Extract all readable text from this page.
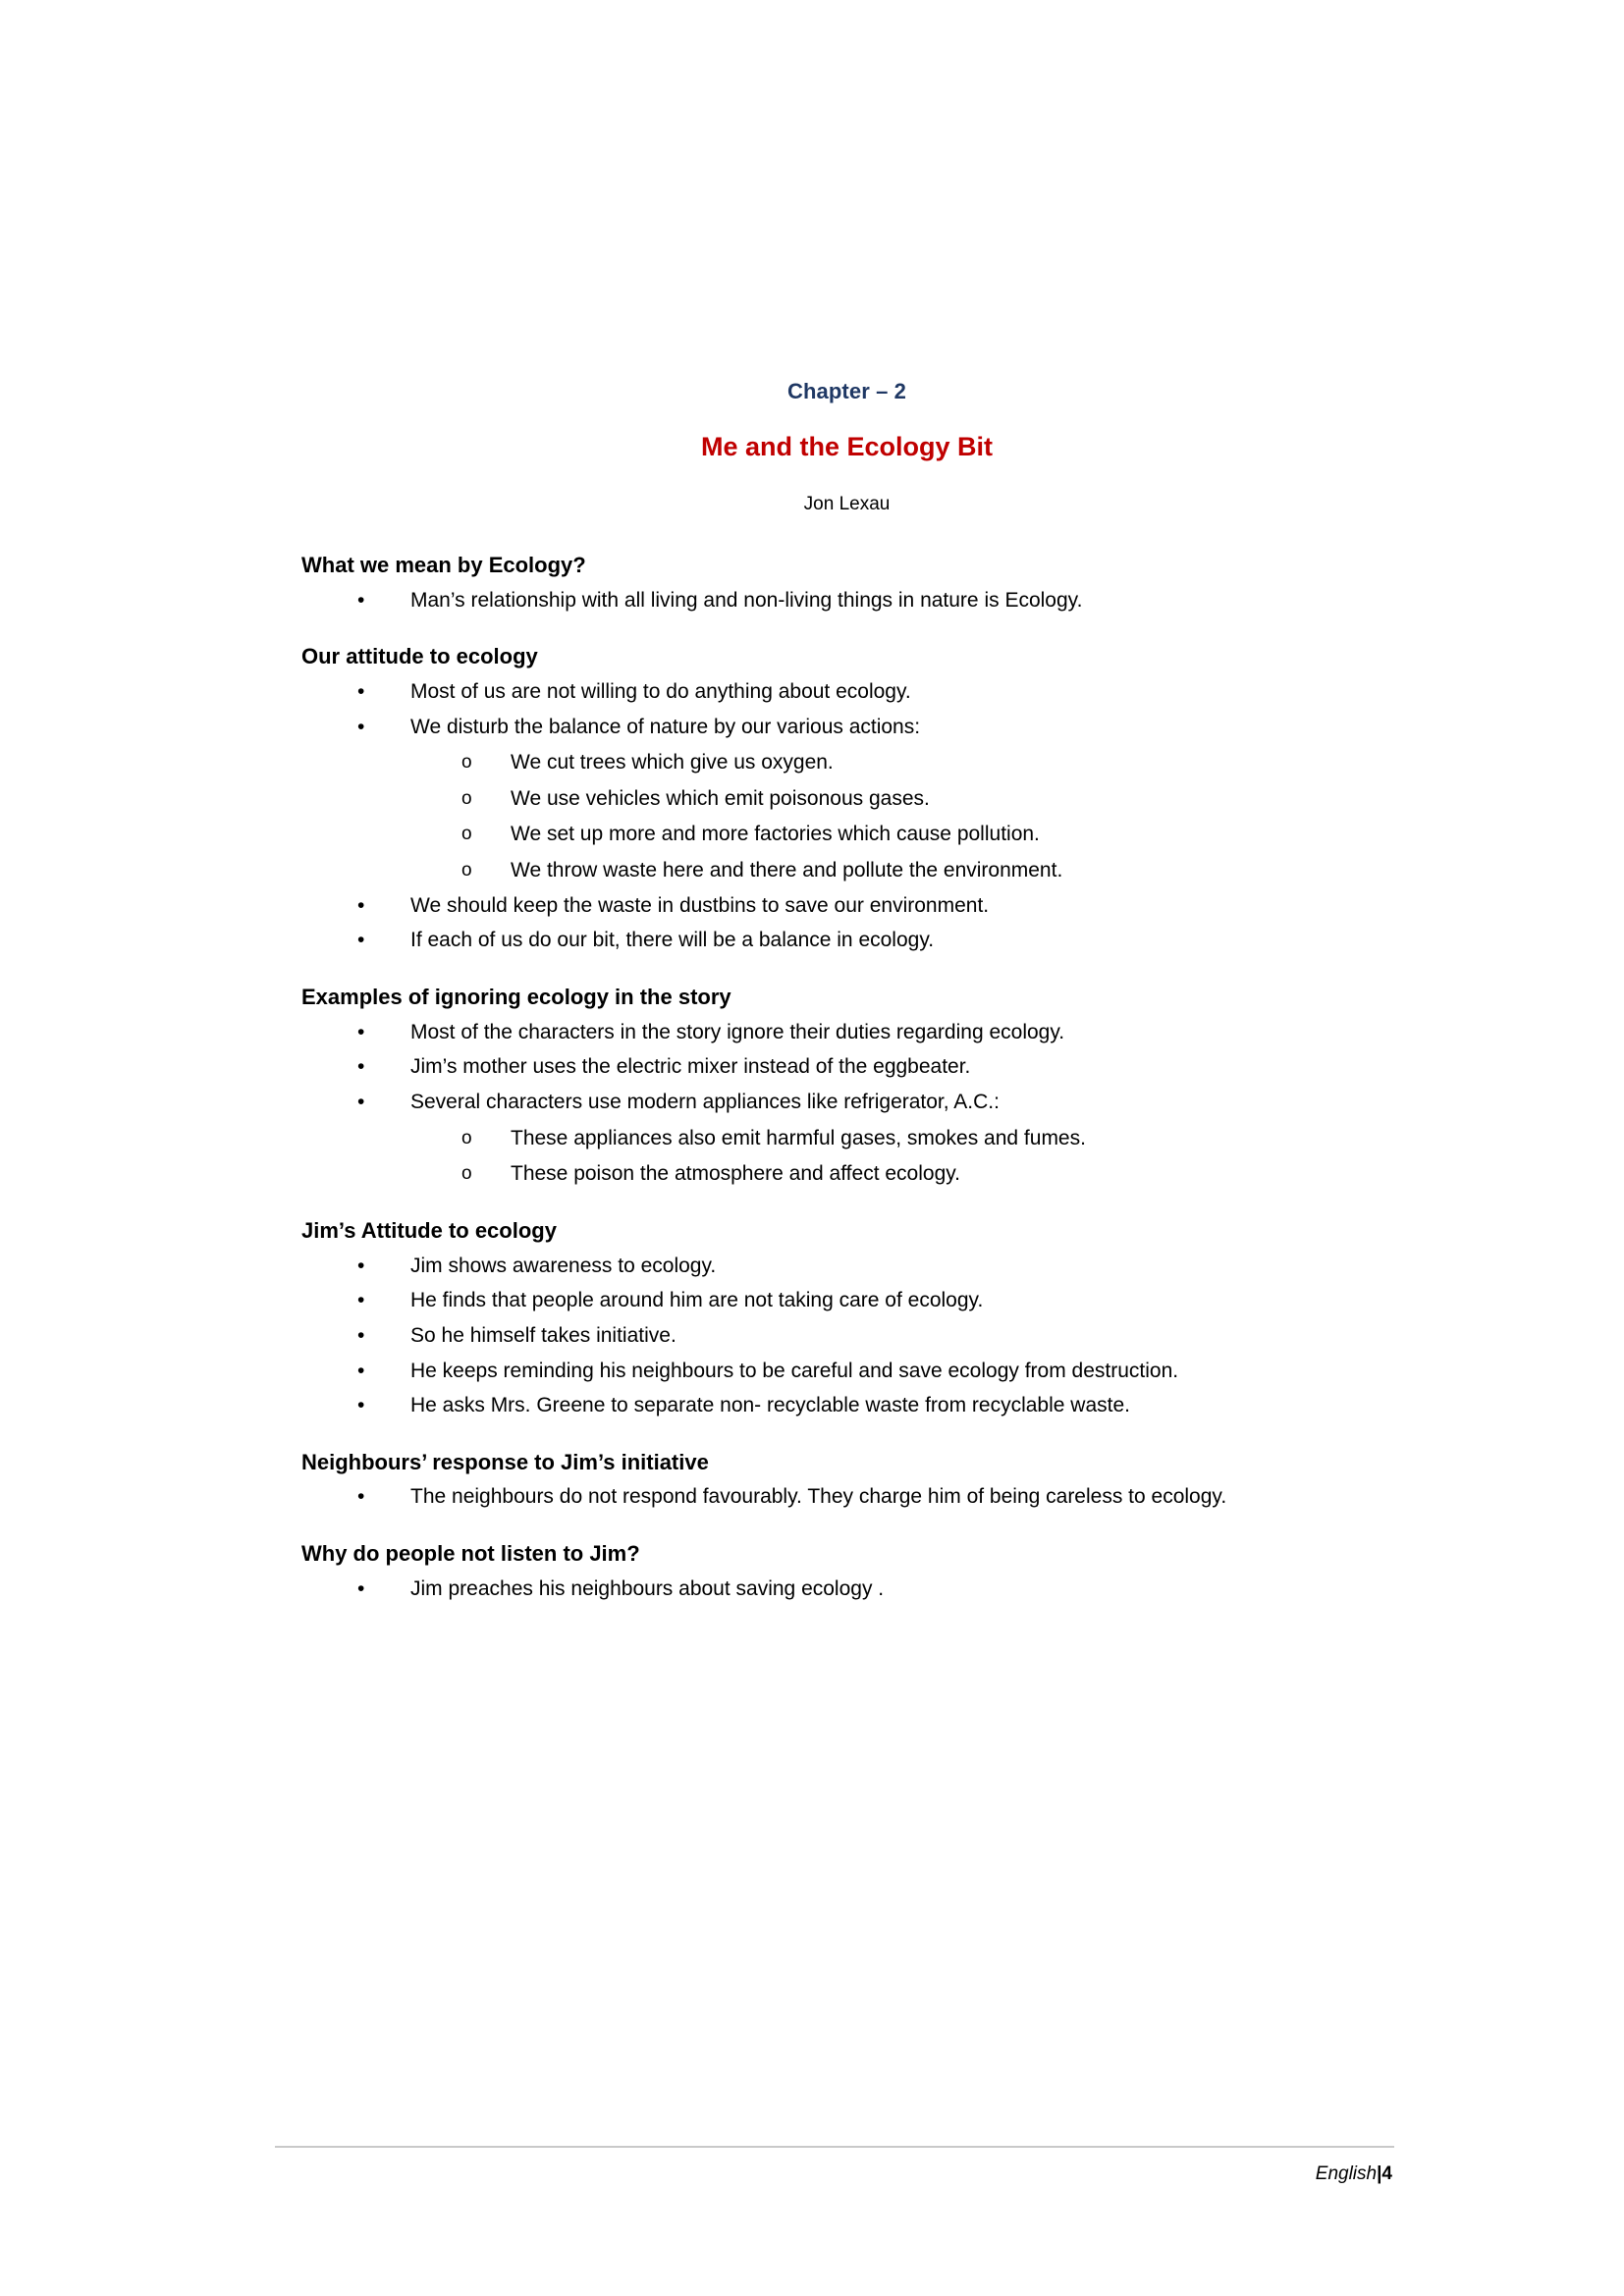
Chapter – 2
Me and the Ecology Bit
Jon Lexau
What we mean by Ecology?
•	Man’s relationship with all living and non-living things in nature is Ecology.
Our attitude to ecology
•	Most of us are not willing to do anything about ecology.
•	We disturb the balance of nature by our various actions:
o	We cut trees which give us oxygen.
o	We use vehicles which emit poisonous gases.
o	We set up more and more factories which cause pollution.
o	We throw waste here and there and pollute the environment.
•	We should keep the waste in dustbins to save our environment.
•	If each of us do our bit, there will be a balance in ecology.
Examples of ignoring ecology in the story
•	Most of the characters in the story ignore their duties regarding ecology.
•	Jim’s mother uses the electric mixer instead of the eggbeater.
•	Several characters use modern appliances like refrigerator, A.C.:
o	These appliances also emit harmful gases, smokes and fumes.
o	These poison the atmosphere and affect ecology.
Jim’s Attitude to ecology
•	Jim shows awareness to ecology.
•	He finds that people around him are not taking care of ecology.
•	So he himself takes initiative.
•	He keeps reminding his neighbours to be careful and save ecology from destruction.
•	He asks Mrs. Greene to separate non- recyclable waste from recyclable waste.
Neighbours’ response to Jim’s initiative
•	The neighbours do not respond favourably. They charge him of being careless to ecology.
Why do people not listen to Jim?
•	Jim preaches his neighbours about saving ecology .
English|4
